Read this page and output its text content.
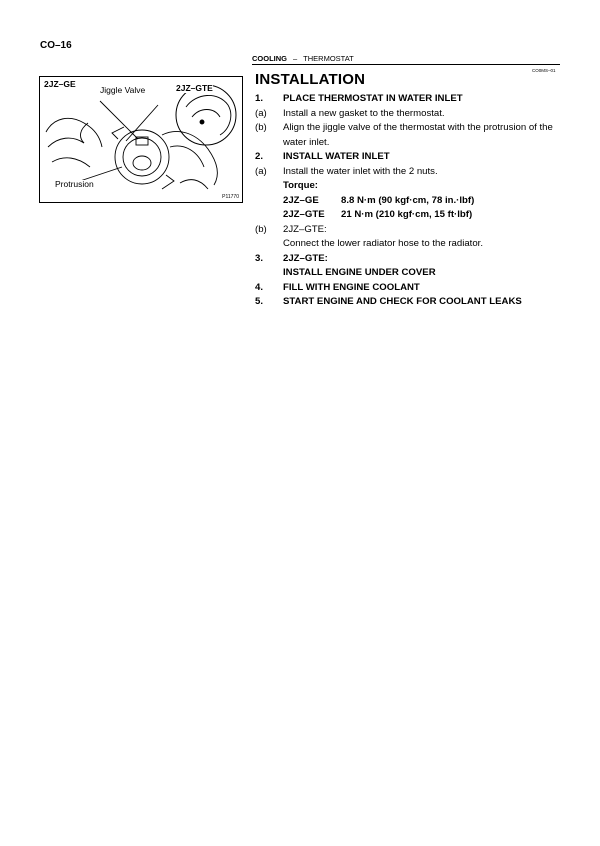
CO–16
COOLING – THERMOSTAT
CO0MS–01
2JZ–GE	2JZ–GTE
Jiggle Valve
Protrusion
P11770
INSTALLATION
1.	PLACE THERMOSTAT IN WATER INLET
(a)	Install a new gasket to the thermostat.
(b)	Align the jiggle valve of the thermostat with the protrusion of the water inlet.
2.	INSTALL WATER INLET
(a)	Install the water inlet with the 2 nuts.
Torque:
2JZ–GE	8.8 N·m (90 kgf·cm, 78 in.·lbf)
2JZ–GTE	21 N·m (210 kgf·cm, 15 ft·lbf)
(b)	2JZ–GTE:
Connect the lower radiator hose to the radiator.
3.	2JZ–GTE:
INSTALL ENGINE UNDER COVER
4.	FILL WITH ENGINE COOLANT
5.	START ENGINE AND CHECK FOR COOLANT LEAKS
